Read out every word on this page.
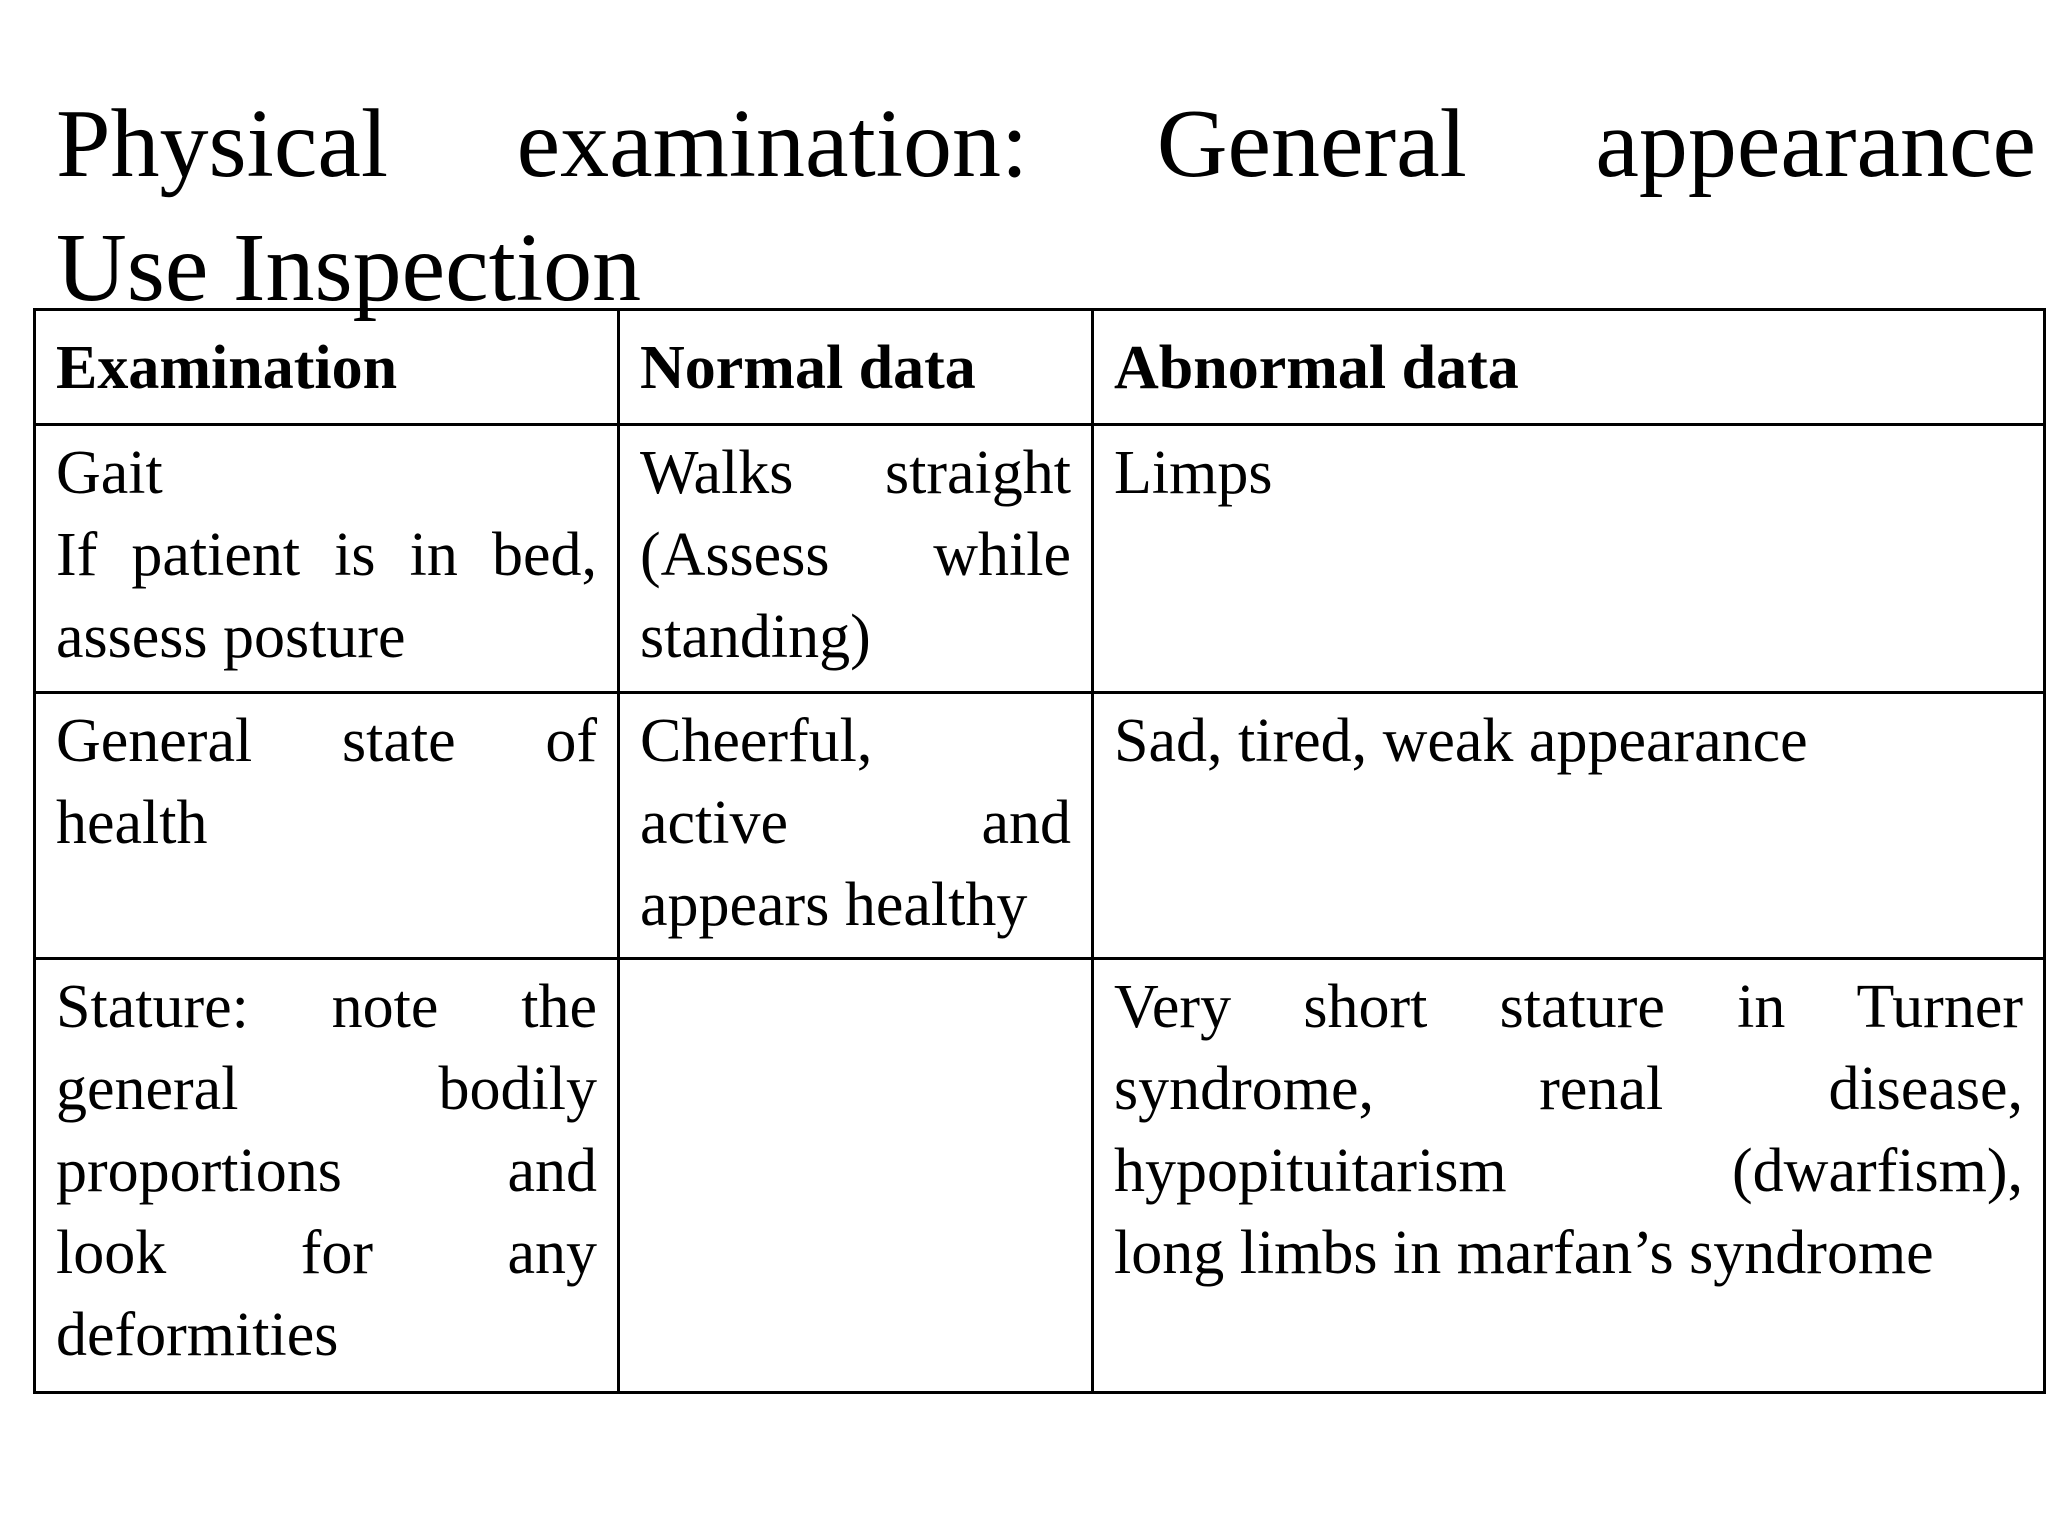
Physical examination: General appearance
Use Inspection
Examination	Normal data	Abnormal data

Gait
If patient is in bed,
assess posture	Walks straight
(Assess while
standing)	Limps

General state of
health	Cheerful,
active and
appears healthy	Sad, tired, weak appearance

Stature: note the
general bodily
proportions and
look for any
deformities		Very short stature in Turner
syndrome, renal disease,
hypopituitarism (dwarfism),
long limbs in marfan’s syndrome
